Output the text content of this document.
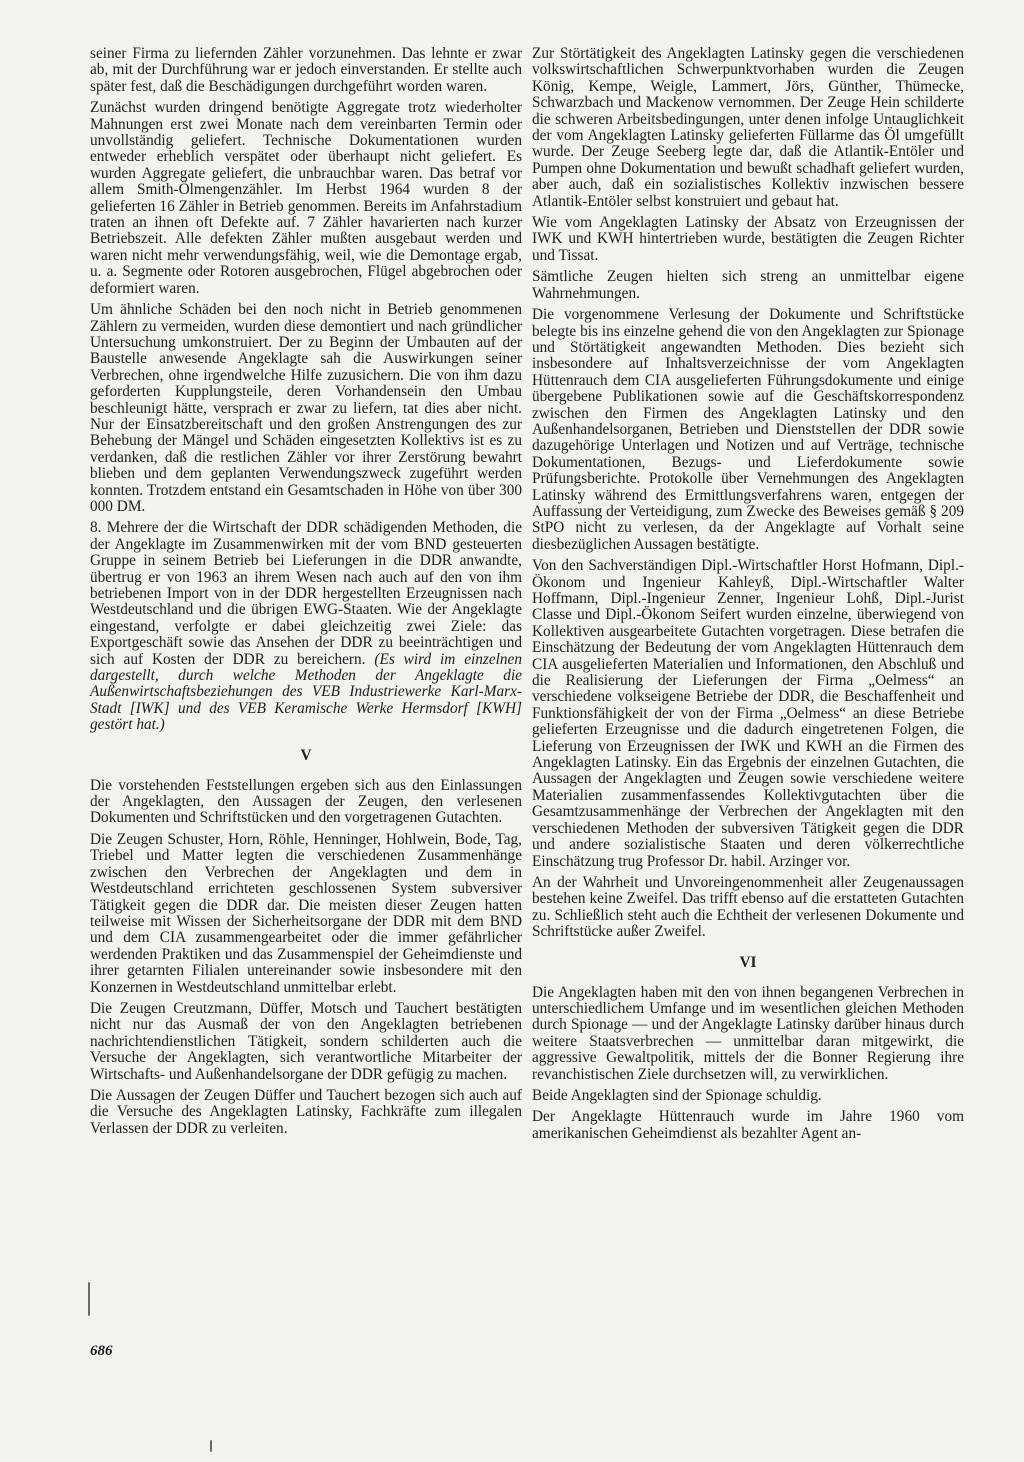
seiner Firma zu liefernden Zähler vorzunehmen. Das lehnte er zwar ab, mit der Durchführung war er jedoch einverstanden. Er stellte auch später fest, daß die Beschädigungen durchgeführt worden waren.

Zunächst wurden dringend benötigte Aggregate trotz wiederholter Mahnungen erst zwei Monate nach dem vereinbarten Termin oder unvollständig geliefert. Technische Dokumentationen wurden entweder erheblich verspätet oder überhaupt nicht geliefert. Es wurden Aggregate geliefert, die unbrauchbar waren. Das betraf vor allem Smith-Ölmengenzähler. Im Herbst 1964 wurden 8 der gelieferten 16 Zähler in Betrieb genommen. Bereits im Anfahrstadium traten an ihnen oft Defekte auf. 7 Zähler havarierten nach kurzer Betriebszeit. Alle defekten Zähler mußten ausgebaut werden und waren nicht mehr verwendungsfähig, weil, wie die Demontage ergab, u. a. Segmente oder Rotoren ausgebrochen, Flügel abgebrochen oder deformiert waren.

Um ähnliche Schäden bei den noch nicht in Betrieb genommenen Zählern zu vermeiden, wurden diese demontiert und nach gründlicher Untersuchung umkonstruiert. Der zu Beginn der Umbauten auf der Baustelle anwesende Angeklagte sah die Auswirkungen seiner Verbrechen, ohne irgendwelche Hilfe zuzusichern. Die von ihm dazu geforderten Kupplungsteile, deren Vorhandensein den Umbau beschleunigt hätte, versprach er zwar zu liefern, tat dies aber nicht. Nur der Einsatzbereitschaft und den großen Anstrengungen des zur Behebung der Mängel und Schäden eingesetzten Kollektivs ist es zu verdanken, daß die restlichen Zähler vor ihrer Zerstörung bewahrt blieben und dem geplanten Verwendungszweck zugeführt werden konnten. Trotzdem entstand ein Gesamtschaden in Höhe von über 300 000 DM.

8. Mehrere der die Wirtschaft der DDR schädigenden Methoden, die der Angeklagte im Zusammenwirken mit der vom BND gesteuerten Gruppe in seinem Betrieb bei Lieferungen in die DDR anwandte, übertrug er von 1963 an ihrem Wesen nach auch auf den von ihm betriebenen Import von in der DDR hergestellten Erzeugnissen nach Westdeutschland und die übrigen EWG-Staaten. Wie der Angeklagte eingestand, verfolgte er dabei gleichzeitig zwei Ziele: das Exportgeschäft sowie das Ansehen der DDR zu beeinträchtigen und sich auf Kosten der DDR zu bereichern. (Es wird im einzelnen dargestellt, durch welche Methoden der Angeklagte die Außenwirtschaftsbeziehungen des VEB Industriewerke Karl-Marx-Stadt [IWK] und des VEB Keramische Werke Hermsdorf [KWH] gestört hat.)

V

Die vorstehenden Feststellungen ergeben sich aus den Einlassungen der Angeklagten, den Aussagen der Zeugen, den verlesenen Dokumenten und Schriftstücken und den vorgetragenen Gutachten.

Die Zeugen Schuster, Horn, Röhle, Henninger, Hohlwein, Bode, Tag, Triebel und Matter legten die verschiedenen Zusammenhänge zwischen den Verbrechen der Angeklagten und dem in Westdeutschland errichteten geschlossenen System subversiver Tätigkeit gegen die DDR dar. Die meisten dieser Zeugen hatten teilweise mit Wissen der Sicherheitsorgane der DDR mit dem BND und dem CIA zusammengearbeitet oder die immer gefährlicher werdenden Praktiken und das Zusammenspiel der Geheimdienste und ihrer getarnten Filialen untereinander sowie insbesondere mit den Konzernen in Westdeutschland unmittelbar erlebt.

Die Zeugen Creutzmann, Düffer, Motsch und Tauchert bestätigten nicht nur das Ausmaß der von den Angeklagten betriebenen nachrichtendienstlichen Tätigkeit, sondern schilderten auch die Versuche der Angeklagten, sich verantwortliche Mitarbeiter der Wirtschafts- und Außenhandelsorgane der DDR gefügig zu machen.

Die Aussagen der Zeugen Düffer und Tauchert bezogen sich auch auf die Versuche des Angeklagten Latinsky, Fachkräfte zum illegalen Verlassen der DDR zu verleiten.

Zur Störtätigkeit des Angeklagten Latinsky gegen die verschiedenen volkswirtschaftlichen Schwerpunktvorhaben wurden die Zeugen König, Kempe, Weigle, Lammert, Jörs, Günther, Thümecke, Schwarzbach und Mackenow vernommen. Der Zeuge Hein schilderte die schweren Arbeitsbedingungen, unter denen infolge Untauglichkeit der vom Angeklagten Latinsky gelieferten Füllarme das Öl umgefüllt wurde. Der Zeuge Seeberg legte dar, daß die Atlantik-Entöler und Pumpen ohne Dokumentation und bewußt schadhaft geliefert wurden, aber auch, daß ein sozialistisches Kollektiv inzwischen bessere Atlantik-Entöler selbst konstruiert und gebaut hat.

Wie vom Angeklagten Latinsky der Absatz von Erzeugnissen der IWK und KWH hintertrieben wurde, bestätigten die Zeugen Richter und Tissat.

Sämtliche Zeugen hielten sich streng an unmittelbar eigene Wahrnehmungen.

Die vorgenommene Verlesung der Dokumente und Schriftstücke belegte bis ins einzelne gehend die von den Angeklagten zur Spionage und Störtätigkeit angewandten Methoden. Dies bezieht sich insbesondere auf Inhaltsverzeichnisse der vom Angeklagten Hüttenrauch dem CIA ausgelieferten Führungsdokumente und einige übergebene Publikationen sowie auf die Geschäftskorrespondenz zwischen den Firmen des Angeklagten Latinsky und den Außenhandelsorganen, Betrieben und Dienststellen der DDR sowie dazugehörige Unterlagen und Notizen und auf Verträge, technische Dokumentationen, Bezugs- und Lieferdokumente sowie Prüfungsberichte. Protokolle über Vernehmungen des Angeklagten Latinsky während des Ermittlungsverfahrens waren, entgegen der Auffassung der Verteidigung, zum Zwecke des Beweises gemäß § 209 StPO nicht zu verlesen, da der Angeklagte auf Vorhalt seine diesbezüglichen Aussagen bestätigte.

Von den Sachverständigen Dipl.-Wirtschaftler Horst Hofmann, Dipl.-Ökonom und Ingenieur Kahleyß, Dipl.-Wirtschaftler Walter Hoffmann, Dipl.-Ingenieur Zenner, Ingenieur Lohß, Dipl.-Jurist Classe und Dipl.-Ökonom Seifert wurden einzelne, überwiegend von Kollektiven ausgearbeitete Gutachten vorgetragen. Diese betrafen die Einschätzung der Bedeutung der vom Angeklagten Hüttenrauch dem CIA ausgelieferten Materialien und Informationen, den Abschluß und die Realisierung der Lieferungen der Firma „Oelmess“ an verschiedene volkseigene Betriebe der DDR, die Beschaffenheit und Funktionsfähigkeit der von der Firma „Oelmess“ an diese Betriebe gelieferten Erzeugnisse und die dadurch eingetretenen Folgen, die Lieferung von Erzeugnissen der IWK und KWH an die Firmen des Angeklagten Latinsky. Ein das Ergebnis der einzelnen Gutachten, die Aussagen der Angeklagten und Zeugen sowie verschiedene weitere Materialien zusammenfassendes Kollektivgutachten über die Gesamtzusammenhänge der Verbrechen der Angeklagten mit den verschiedenen Methoden der subversiven Tätigkeit gegen die DDR und andere sozialistische Staaten und deren völkerrechtliche Einschätzung trug Professor Dr. habil. Arzinger vor.

An der Wahrheit und Unvoreingenommenheit aller Zeugenaussagen bestehen keine Zweifel. Das trifft ebenso auf die erstatteten Gutachten zu. Schließlich steht auch die Echtheit der verlesenen Dokumente und Schriftstücke außer Zweifel.

VI

Die Angeklagten haben mit den von ihnen begangenen Verbrechen in unterschiedlichem Umfange und im wesentlichen gleichen Methoden durch Spionage — und der Angeklagte Latinsky darüber hinaus durch weitere Staatsverbrechen — unmittelbar daran mitgewirkt, die aggressive Gewaltpolitik, mittels der die Bonner Regierung ihre revanchistischen Ziele durchsetzen will, zu verwirklichen.

Beide Angeklagten sind der Spionage schuldig.

Der Angeklagte Hüttenrauch wurde im Jahre 1960 vom amerikanischen Geheimdienst als bezahlter Agent an-

686
